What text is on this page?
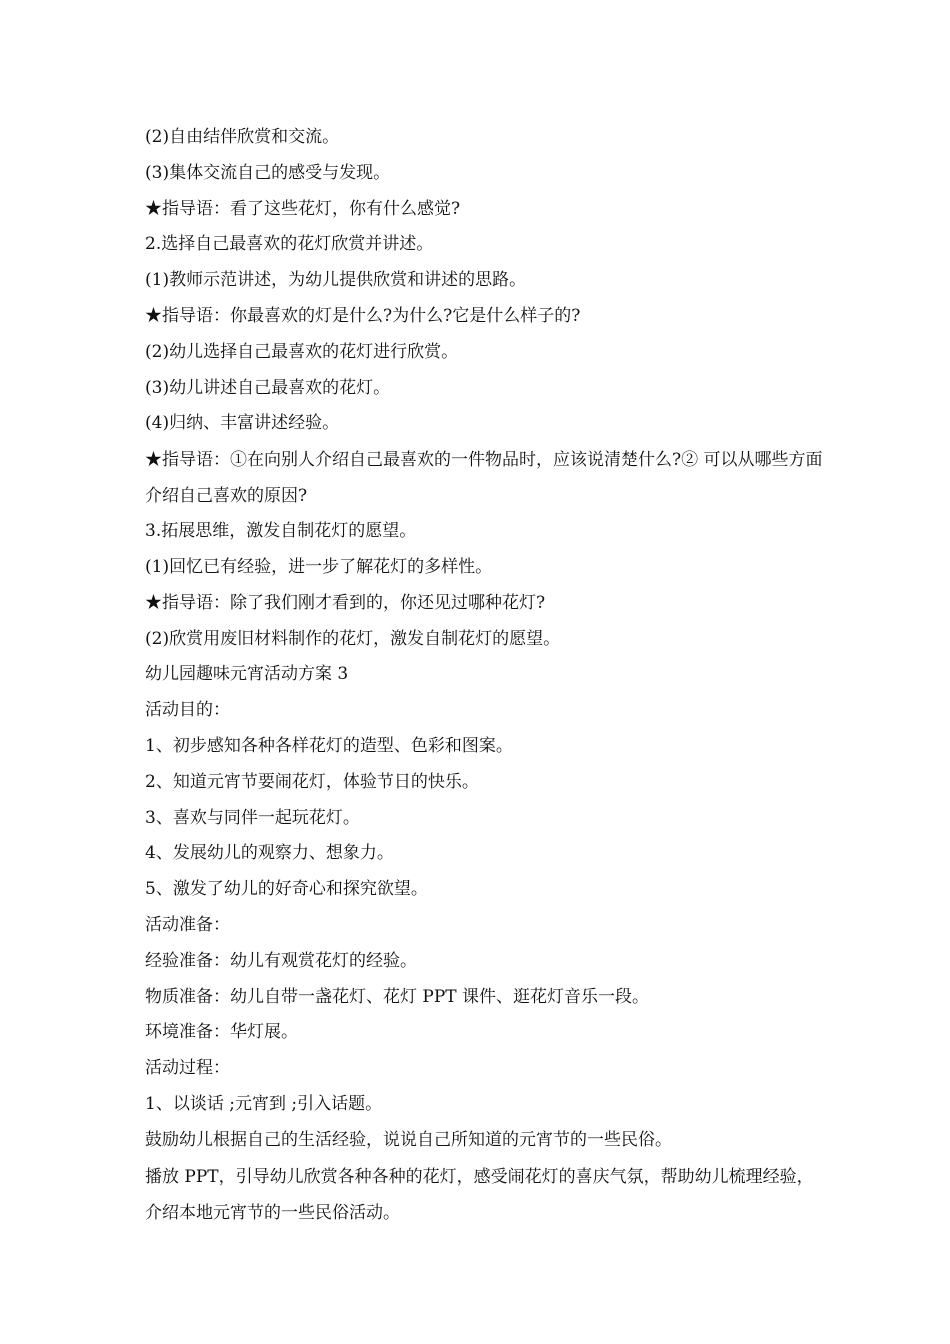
(2)自由结伴欣赏和交流。
(3)集体交流自己的感受与发现。
★指导语：看了这些花灯，你有什么感觉?
2.选择自己最喜欢的花灯欣赏并讲述。
(1)教师示范讲述，为幼儿提供欣赏和讲述的思路。
★指导语：你最喜欢的灯是什么?为什么?它是什么样子的?
(2)幼儿选择自己最喜欢的花灯进行欣赏。
(3)幼儿讲述自己最喜欢的花灯。
(4)归纳、丰富讲述经验。
★指导语：①在向别人介绍自己最喜欢的一件物品时，应该说清楚什么?② 可以从哪些方面介绍自己喜欢的原因?
3.拓展思维，激发自制花灯的愿望。
(1)回忆已有经验，进一步了解花灯的多样性。
★指导语：除了我们刚才看到的，你还见过哪种花灯?
(2)欣赏用废旧材料制作的花灯，激发自制花灯的愿望。
幼儿园趣味元宵活动方案 3
活动目的：
1、初步感知各种各样花灯的造型、色彩和图案。
2、知道元宵节要闹花灯，体验节日的快乐。
3、喜欢与同伴一起玩花灯。
4、发展幼儿的观察力、想象力。
5、激发了幼儿的好奇心和探究欲望。
活动准备：
经验准备：幼儿有观赏花灯的经验。
物质准备：幼儿自带一盏花灯、花灯 PPT 课件、逛花灯音乐一段。
环境准备：华灯展。
活动过程：
1、以谈话 ;元宵到 ;引入话题。
鼓励幼儿根据自己的生活经验，说说自己所知道的元宵节的一些民俗。
播放 PPT，引导幼儿欣赏各种各种的花灯，感受闹花灯的喜庆气氛，帮助幼儿梳理经验，介绍本地元宵节的一些民俗活动。
